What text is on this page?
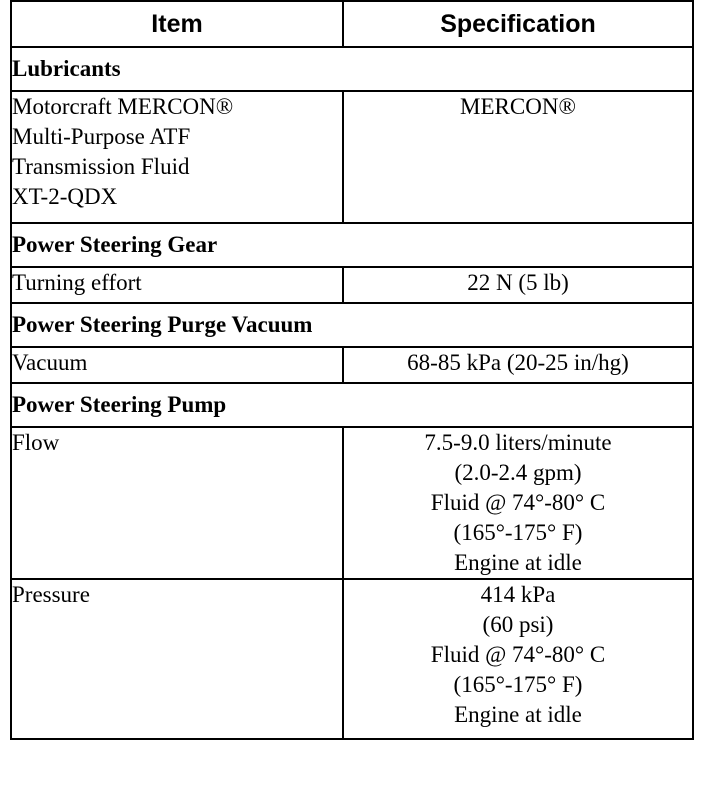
Item	Specification
Lubricants	

Motorcraft MERCON®
Multi-Purpose ATF
Transmission Fluid
XT-2-QDX	MERCON®

Power Steering Gear	

Turning effort	22 N (5 lb)

Power Steering Purge Vacuum	

Vacuum	68-85 kPa (20-25 in/hg)

Power Steering Pump	

Flow	7.5-9.0 liters/minute
(2.0-2.4 gpm)
Fluid @ 74°-80° C
(165°-175° F)
Engine at idle

Pressure	414 kPa
(60 psi)
Fluid @ 74°-80° C
(165°-175° F)
Engine at idle
